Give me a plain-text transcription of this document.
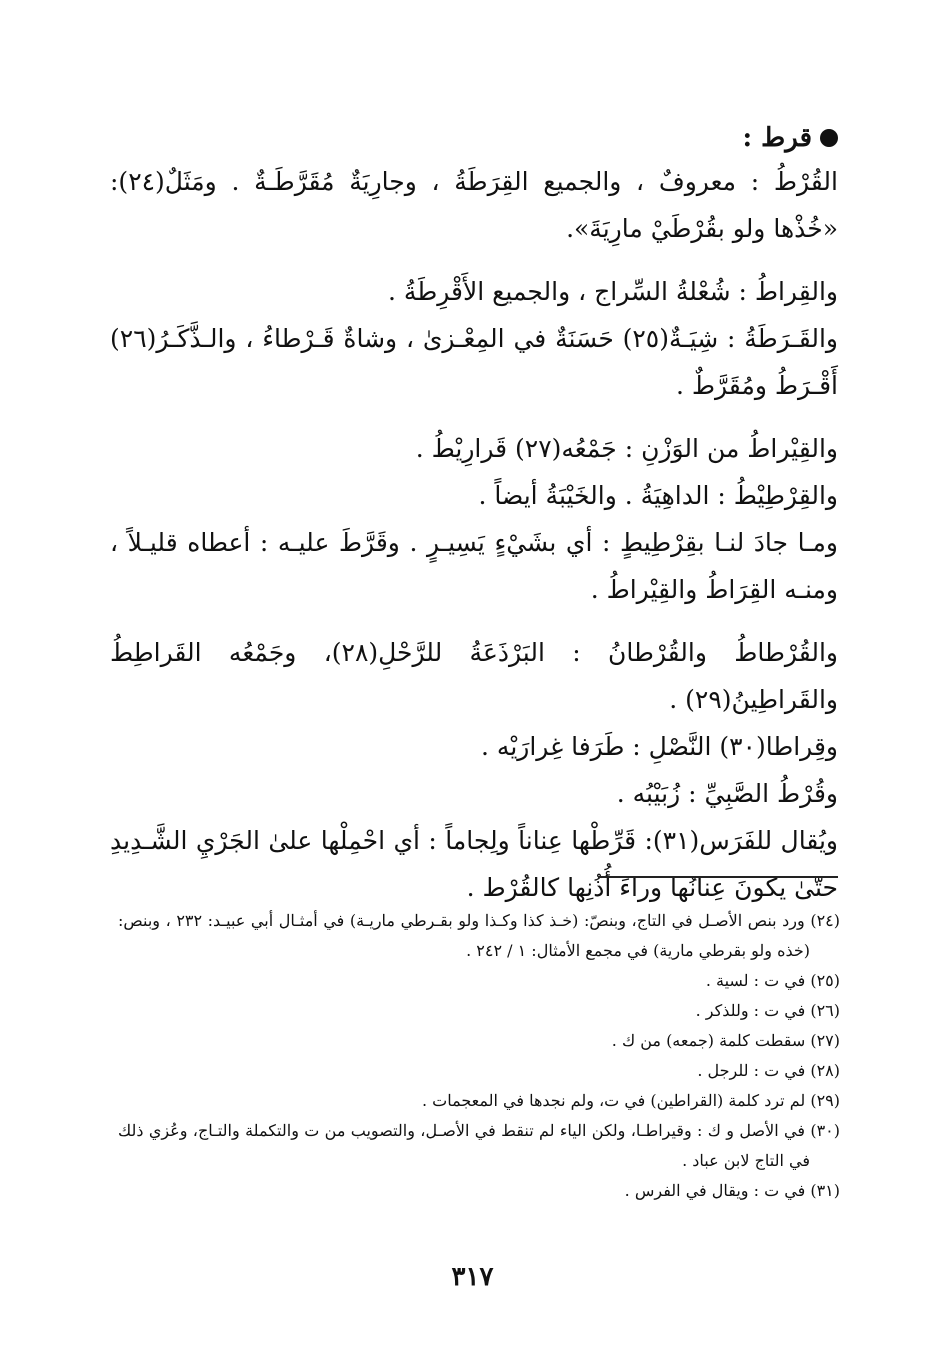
قرط :

القُرْطُ : معروفٌ ، والجميع القِرَطَةُ ، وجارِيَةٌ مُقَرَّطَـةٌ . ومَثَلٌ(٢٤): «خُذْها ولو بقُرْطَيْ مارِيَةَ».

والقِراطُ : شُعْلةُ السِّراج ، والجميع الأَقْرِطَةُ .

والقَـرَطَةُ : شِيَـةٌ(٢٥) حَسَنَةٌ في المِعْـزىٰ ، وشاةٌ قَـرْطاءُ ، والـذَّكَـرُ(٢٦) أَقْـرَطُ ومُقَرَّطٌ .

والقِيْراطُ من الوَزْنِ : جَمْعُه(٢٧) قَرارِيْطُ .

والقِرْطِيْطُ : الداهِيَةُ . والخَيْبَةُ أيضاً .

ومـا جادَ لنـا بقِرْطِيطٍ : أي بشَيْءٍ يَسِيـرٍ . وقَرَّطَ عليـه : أعطاه قليـلاً ، ومنـه القِرَاطُ والقِيْراطُ .

والقُرْطاطُ والقُرْطانُ : البَرْذَعَةُ للرَّحْلِ(٢٨)، وجَمْعُه القَراطِطُ والقَراطِينُ(٢٩) .

وقِراطا(٣٠) النَّصْلِ : طَرَفا غِرارَيْه .

وقُرْطُ الصَّبِيِّ : زُبَيْبُه .

ويُقال للفَرَس(٣١): قَرِّطْها عِناناً ولِجاماً : أي احْمِلْها علىٰ الجَرْيِ الشَّـدِيدِ حتّىٰ يكونَ عِنانُها وراءَ أُذُنِها كالقُرْط .

(٢٤) ورد بنص الأصـل في التاج، وبنصّ: (خـذ كذا وكـذا ولو بقـرطي ماريـة) في أمثـال أبي عبيـد: ٢٣٢ ، وبنص: (خذه ولو بقرطي مارية) في مجمع الأمثال: ١ / ٢٤٢ .

(٢٥) في ت : لسية .

(٢٦) في ت : وللذكر .

(٢٧) سقطت كلمة (جمعه) من ك .

(٢٨) في ت : للرجل .

(٢٩) لم ترد كلمة (القراطين) في ت، ولم نجدها في المعجمات .

(٣٠) في الأصل و ك : وقيراطـا، ولكن الياء لم تنقط في الأصـل، والتصويب من ت والتكملة والتـاج، وعُزي ذلك في التاج لابن عباد .

(٣١) في ت : ويقال في الفرس .

٣١٧
